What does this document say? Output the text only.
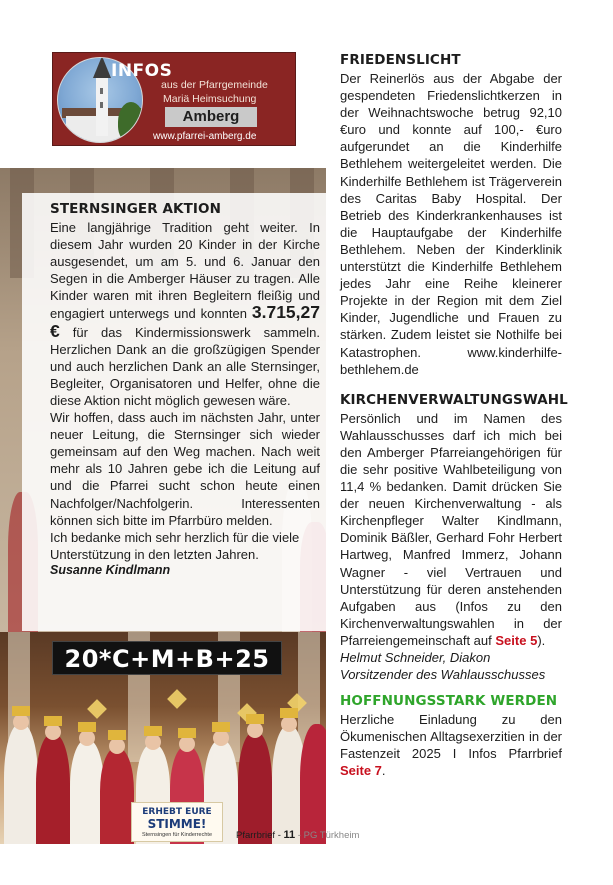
INFOS
aus der Pfarrgemeinde
Mariä Heimsuchung
Amberg
www.pfarrei-amberg.de
STERNSINGER AKTION
Eine langjährige Tradition geht weiter. In diesem Jahr wurden 20 Kinder in der Kirche ausgesendet, um am 5. und 6. Januar den Segen in die Amberger Häuser zu tragen. Alle Kinder waren mit ihren Begleitern fleißig und engagiert unterwegs und konnten 3.715,27 € für das Kindermissionswerk sammeln. Herzlichen Dank an die großzügigen Spender und auch herzlichen Dank an alle Sternsinger, Begleiter, Organisatoren und Helfer, ohne die diese Aktion nicht möglich gewesen wäre.
Wir hoffen, dass auch im nächsten Jahr, unter neuer Leitung, die Sternsinger sich wieder gemeinsam auf den Weg machen. Nach weit mehr als 10 Jahren gebe ich die Leitung auf und die Pfarrei sucht schon heute einen Nachfolger/Nachfolgerin. Interessenten können sich bitte im Pfarrbüro melden.
Ich bedanke mich sehr herzlich für die viele Unterstützung in den letzten Jahren.
Susanne Kindlmann
20*C+M+B+25
ERHEBT EURE
STIMME!
Sternsingen für Kinderrechte
FRIEDENSLICHT
Der Reinerlös aus der Abgabe der gespendeten Friedenslichtkerzen in der Weihnachtswoche betrug 92,10 €uro und konnte auf 100,- €uro aufgerundet an die Kinderhilfe Bethlehem weitergeleitet werden. Die Kinderhilfe Bethlehem ist Trägerverein des Caritas Baby Hospital. Der Betrieb des Kinderkrankenhauses ist die Hauptaufgabe der Kinderhilfe Bethlehem. Neben der Kinderklinik unterstützt die Kinderhilfe Bethlehem jedes Jahr eine Reihe kleinerer Projekte in der Region mit dem Ziel Kinder, Jugendliche und Frauen zu stärken. Zudem leistet sie Nothilfe bei Katastrophen. www.kinderhilfe-bethlehem.de
KIRCHENVERWALTUNGSWAHL
Persönlich und im Namen des Wahlausschusses darf ich mich bei den Amberger Pfarreiangehörigen für die sehr positive Wahlbeteiligung von 11,4 % bedanken. Damit drücken Sie der neuen Kirchenverwaltung - als Kirchenpfleger Walter Kindlmann, Dominik Bäßler, Gerhard Fohr Herbert Hartweg, Manfred Immerz, Johann Wagner - viel Vertrauen und Unterstützung für deren anstehenden Aufgaben aus (Infos zu den Kirchenverwaltungswahlen in der Pfarreiengemeinschaft auf Seite 5).
Helmut Schneider, Diakon
Vorsitzender des Wahlausschusses
HOFFNUNGSSTARK WERDEN
Herzliche Einladung zu den Ökumenischen Alltagsexerzitien in der Fastenzeit 2025 I Infos Pfarrbrief Seite 7.
Pfarrbrief - 11 - PG Türkheim
